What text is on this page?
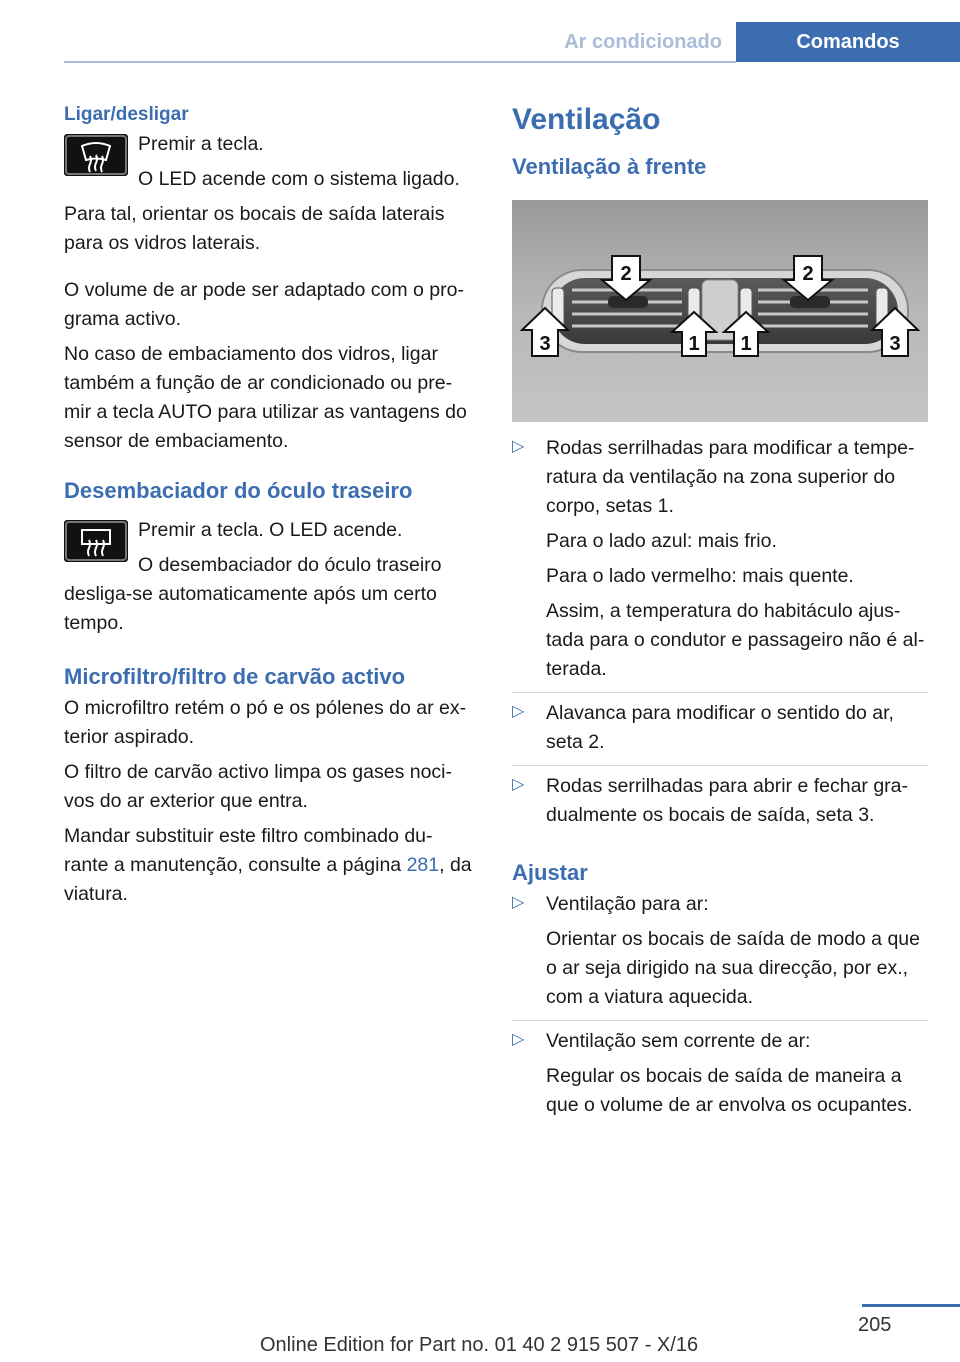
Ar condicionado	Comandos
Ligar/desligar

Premir a tecla.

O LED acende com o sistema ligado.

Para tal, orientar os bocais de saída laterais para os vidros laterais.

O volume de ar pode ser adaptado com o pro‐grama activo.

No caso de embaciamento dos vidros, ligar também a função de ar condicionado ou pre‐mir a tecla AUTO para utilizar as vantagens do sensor de embaciamento.

Desembaciador do óculo traseiro

Premir a tecla. O LED acende.

O desembaciador do óculo traseiro desliga-se automaticamente após um certo tempo.

Microfiltro/filtro de carvão activo

O microfiltro retém o pó e os pólenes do ar ex‐terior aspirado.

O filtro de carvão activo limpa os gases noci‐vos do ar exterior que entra.

Mandar substituir este filtro combinado du‐rante a manutenção, consulte a página 281, da viatura.

Ventilação
Ventilação à frente
2	2
3	1 1	3
▷ Rodas serrilhadas para modificar a tempe‐ratura da ventilação na zona superior do corpo, setas 1.

Para o lado azul: mais frio.

Para o lado vermelho: mais quente.

Assim, a temperatura do habitáculo ajus‐tada para o condutor e passageiro não é al‐terada.

▷ Alavanca para modificar o sentido do ar, seta 2.

▷ Rodas serrilhadas para abrir e fechar gra‐dualmente os bocais de saída, seta 3.

Ajustar
▷ Ventilação para ar:

Orientar os bocais de saída de modo a que o ar seja dirigido na sua direcção, por ex., com a viatura aquecida.

▷ Ventilação sem corrente de ar:

Regular os bocais de saída de maneira a que o volume de ar envolva os ocupantes.

205
Online Edition for Part no. 01 40 2 915 507 - X/16
